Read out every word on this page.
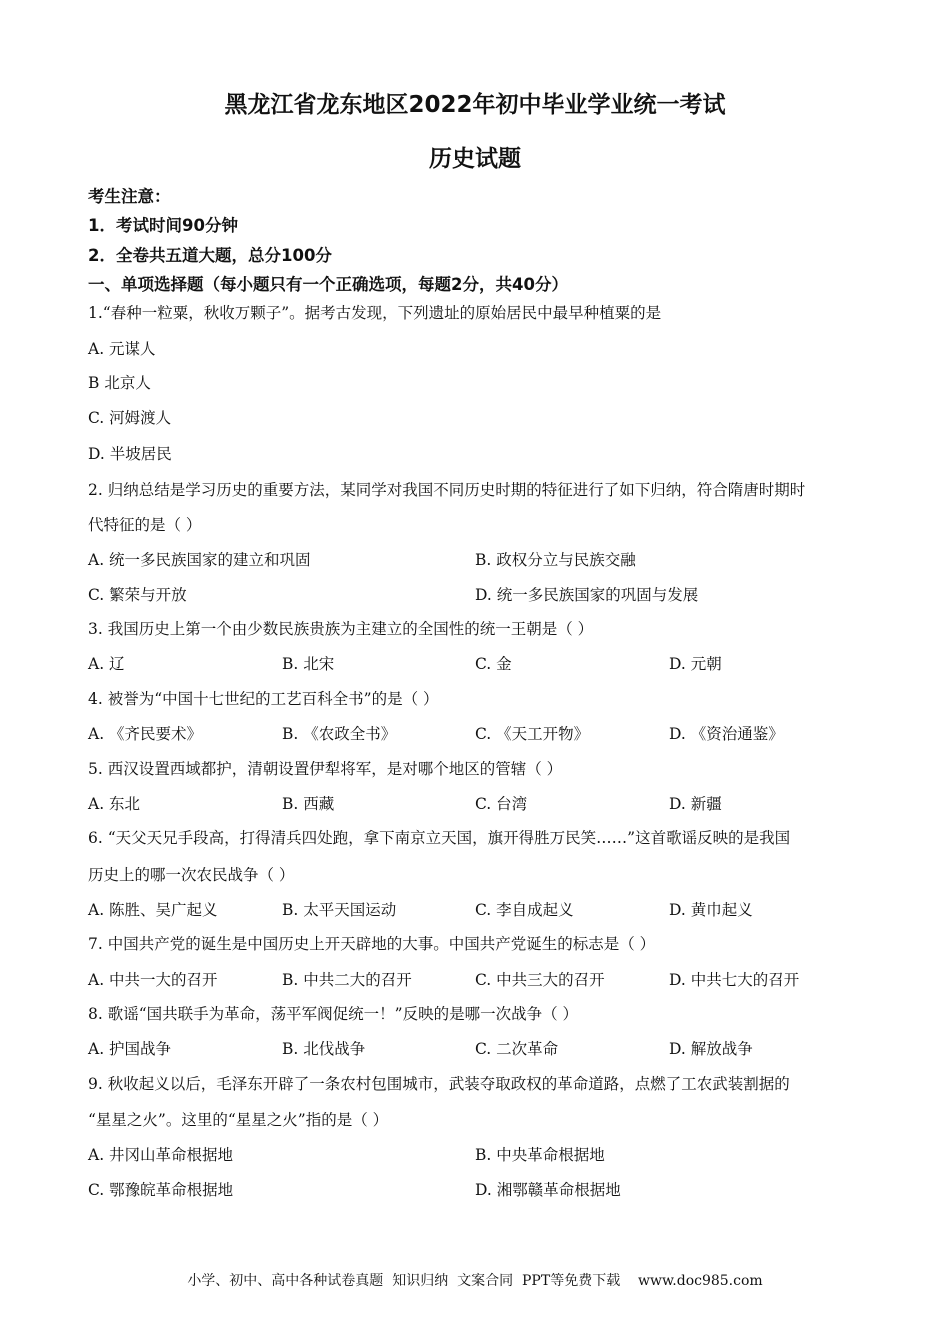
黑龙江省龙东地区2022年初中毕业学业统一考试
历史试题
考生注意：
1．考试时间90分钟
2．全卷共五道大题，总分100分
一、单项选择题（每小题只有一个正确选项，每题2分，共40分）
1.“春种一粒粟，秋收万颗子”。据考古发现，下列遗址的原始居民中最早种植粟的是
A. 元谋人
B 北京人
C. 河姆渡人
D. 半坡居民
2. 归纳总结是学习历史的重要方法，某同学对我国不同历史时期的特征进行了如下归纳，符合隋唐时期时
代特征的是（ ）
A. 统一多民族国家的建立和巩固	B. 政权分立与民族交融
C. 繁荣与开放	D. 统一多民族国家的巩固与发展
3. 我国历史上第一个由少数民族贵族为主建立的全国性的统一王朝是（ ）
A. 辽	B. 北宋	C. 金	D. 元朝
4. 被誉为“中国十七世纪的工艺百科全书”的是（ ）
A. 《齐民要术》	B. 《农政全书》	C. 《天工开物》	D. 《资治通鉴》
5. 西汉设置西域都护，清朝设置伊犁将军，是对哪个地区的管辖（ ）
A. 东北	B. 西藏	C. 台湾	D. 新疆
6. “天父天兄手段高，打得清兵四处跑，拿下南京立天国，旗开得胜万民笑……”这首歌谣反映的是我国
历史上的哪一次农民战争（ ）
A. 陈胜、吴广起义	B. 太平天国运动	C. 李自成起义	D. 黄巾起义
7. 中国共产党的诞生是中国历史上开天辟地的大事。中国共产党诞生的标志是（ ）
A. 中共一大的召开	B. 中共二大的召开	C. 中共三大的召开	D. 中共七大的召开
8. 歌谣“国共联手为革命，荡平军阀促统一！”反映的是哪一次战争（ ）
A. 护国战争	B. 北伐战争	C. 二次革命	D. 解放战争
9. 秋收起义以后，毛泽东开辟了一条农村包围城市，武装夺取政权的革命道路，点燃了工农武装割据的
“星星之火”。这里的“星星之火”指的是（ ）
A. 井冈山革命根据地	B. 中央革命根据地
C. 鄂豫皖革命根据地	D. 湘鄂赣革命根据地
小学、初中、高中各种试卷真题  知识归纳  文案合同  PPT等免费下载    www.doc985.com
